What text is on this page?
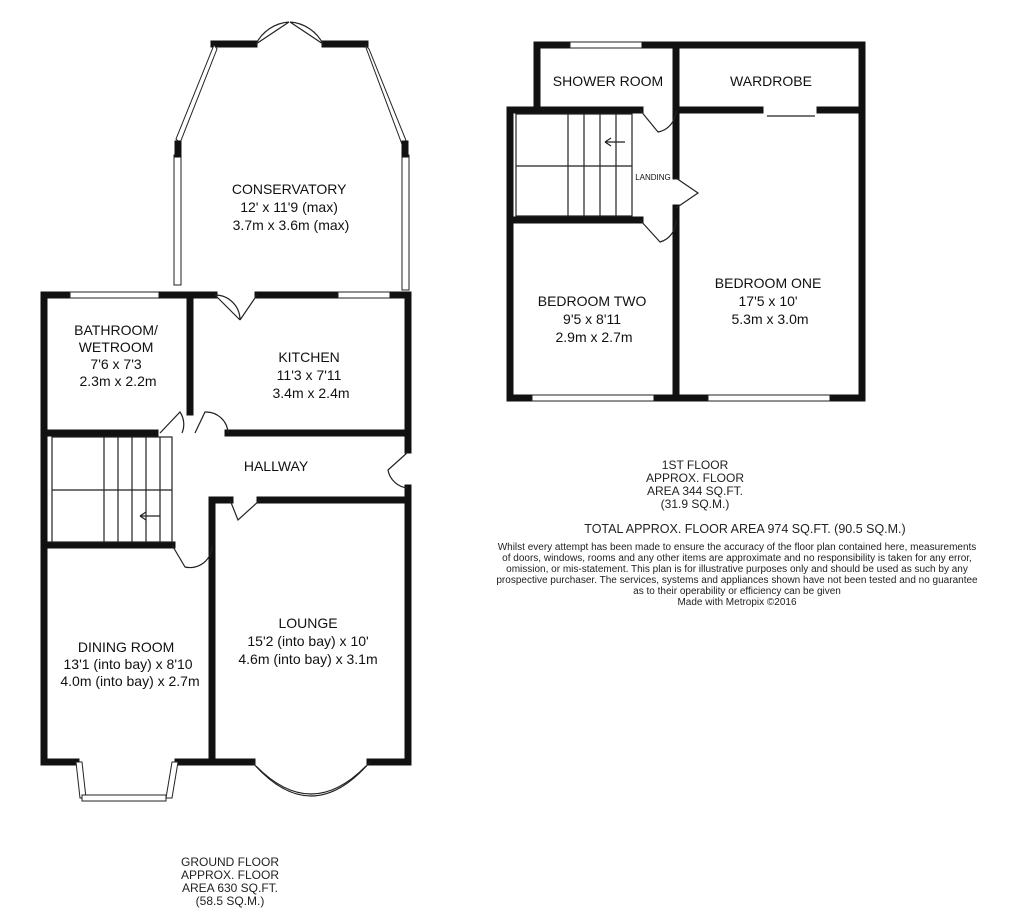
CONSERVATORY 12' x 11'9 (max) 3.7m x 3.6m (max)
BATHROOM/ WETROOM 7'6 x 7'3 2.3m x 2.2m
KITCHEN 11'3 x 7'11 3.4m x 2.4m
HALLWAY
DINING ROOM 13'1 (into bay) x 8'10 4.0m (into bay) x 2.7m
LOUNGE 15'2 (into bay) x 10' 4.6m (into bay) x 3.1m
SHOWER ROOM	WARDROBE
LANDING
BEDROOM TWO 9'5 x 8'11 2.9m x 2.7m
BEDROOM ONE 17'5 x 10' 5.3m x 3.0m
1ST FLOOR
APPROX. FLOOR
AREA 344 SQ.FT.
(31.9 SQ.M.)
TOTAL APPROX. FLOOR AREA 974 SQ.FT. (90.5 SQ.M.)
Whilst every attempt has been made to ensure the accuracy of the floor plan contained here, measurements
of doors, windows, rooms and any other items are approximate and no responsibility is taken for any error,
omission, or mis-statement. This plan is for illustrative purposes only and should be used as such by any
prospective purchaser. The services, systems and appliances shown have not been tested and no guarantee
as to their operability or efficiency can be given
Made with Metropix ©2016
GROUND FLOOR
APPROX. FLOOR
AREA 630 SQ.FT.
(58.5 SQ.M.)
